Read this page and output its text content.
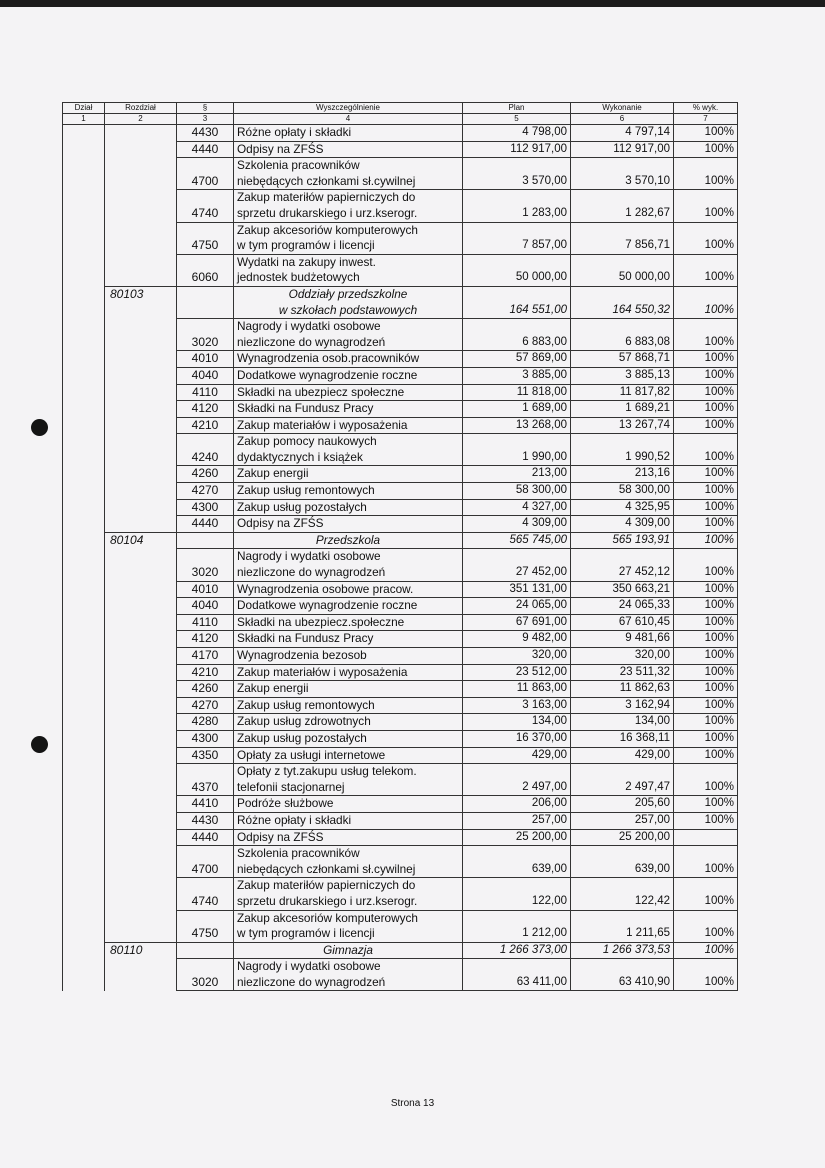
Dział	Rozdział	§	Wyszczególnienie	Plan	Wykonanie	% wyk.
1	2	3	4	5	6	7
		4430	Różne opłaty i składki	4 798,00	4 797,14	100%
		4440	Odpisy na ZFŚS	112 917,00	112 917,00	100%
		4700	Szkolenia pracowników
niebędących członkami sł.cywilnej	3 570,00	3 570,10	100%
		4740	Zakup materiłów papierniczych do
sprzetu drukarskiego i urz.kserogr.	1 283,00	1 282,67	100%
		4750	Zakup akcesoriów komputerowych
w tym programów i licencji	7 857,00	7 856,71	100%
		6060	Wydatki na zakupy inwest.
jednostek budżetowych	50 000,00	50 000,00	100%
	80103		Oddziały przedszkolne
w szkołach podstawowych	164 551,00	164 550,32	100%
		3020	Nagrody i wydatki osobowe
niezliczone do wynagrodzeń	6 883,00	6 883,08	100%
		4010	Wynagrodzenia osob.pracowników	57 869,00	57 868,71	100%
		4040	Dodatkowe wynagrodzenie roczne	3 885,00	3 885,13	100%
		4110	Składki na ubezpiecz społeczne	11 818,00	11 817,82	100%
		4120	Składki na Fundusz Pracy	1 689,00	1 689,21	100%
		4210	Zakup materiałów i wyposażenia	13 268,00	13 267,74	100%
		4240	Zakup pomocy naukowych
dydaktycznych i książek	1 990,00	1 990,52	100%
		4260	Zakup energii	213,00	213,16	100%
		4270	Zakup usług remontowych	58 300,00	58 300,00	100%
		4300	Zakup usług pozostałych	4 327,00	4 325,95	100%
		4440	Odpisy na ZFŚS	4 309,00	4 309,00	100%
	80104		Przedszkola	565 745,00	565 193,91	100%
		3020	Nagrody i wydatki osobowe
niezliczone do wynagrodzeń	27 452,00	27 452,12	100%
		4010	Wynagrodzenia osobowe pracow.	351 131,00	350 663,21	100%
		4040	Dodatkowe wynagrodzenie roczne	24 065,00	24 065,33	100%
		4110	Składki na ubezpiecz.społeczne	67 691,00	67 610,45	100%
		4120	Składki na Fundusz Pracy	9 482,00	9 481,66	100%
		4170	Wynagrodzenia bezosob	320,00	320,00	100%
		4210	Zakup materiałów i wyposażenia	23 512,00	23 511,32	100%
		4260	Zakup energii	11 863,00	11 862,63	100%
		4270	Zakup usług remontowych	3 163,00	3 162,94	100%
		4280	Zakup usług zdrowotnych	134,00	134,00	100%
		4300	Zakup usług pozostałych	16 370,00	16 368,11	100%
		4350	Opłaty za usługi internetowe	429,00	429,00	100%
		4370	Opłaty z tyt.zakupu usług telekom.
telefonii stacjonarnej	2 497,00	2 497,47	100%
		4410	Podróże służbowe	206,00	205,60	100%
		4430	Różne opłaty i składki	257,00	257,00	100%
		4440	Odpisy na ZFŚS	25 200,00	25 200,00	
		4700	Szkolenia pracowników
niebędących członkami sł.cywilnej	639,00	639,00	100%
		4740	Zakup materiłów papierniczych do
sprzetu drukarskiego i urz.kserogr.	122,00	122,42	100%
		4750	Zakup akcesoriów komputerowych
w tym programów i licencji	1 212,00	1 211,65	100%
	80110		Gimnazja	1 266 373,00	1 266 373,53	100%
		3020	Nagrody i wydatki osobowe
niezliczone do wynagrodzeń	63 411,00	63 410,90	100%
Strona 13
